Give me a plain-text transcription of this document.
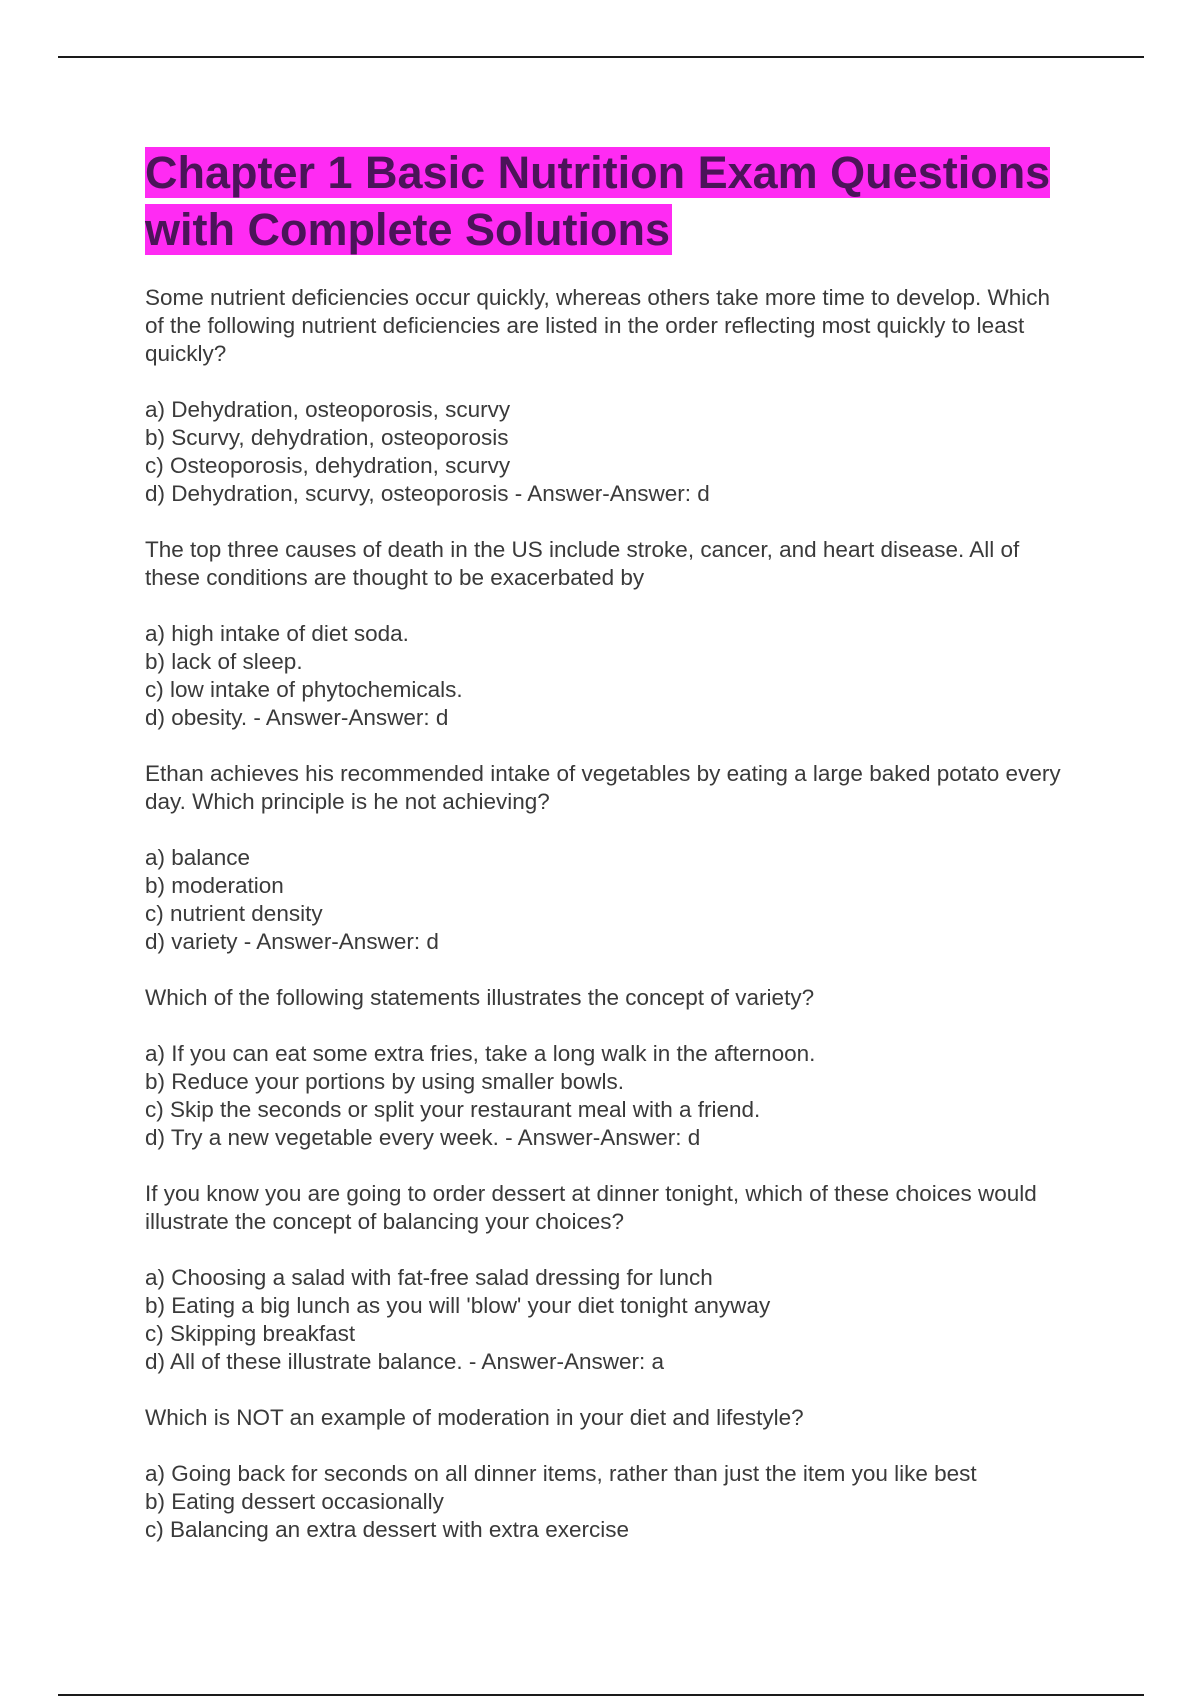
Chapter 1 Basic Nutrition Exam Questions with Complete Solutions

Some nutrient deficiencies occur quickly, whereas others take more time to develop. Which of the following nutrient deficiencies are listed in the order reflecting most quickly to least quickly?

a) Dehydration, osteoporosis, scurvy
b) Scurvy, dehydration, osteoporosis
c) Osteoporosis, dehydration, scurvy
d) Dehydration, scurvy, osteoporosis - Answer-Answer: d

The top three causes of death in the US include stroke, cancer, and heart disease. All of these conditions are thought to be exacerbated by

a) high intake of diet soda.
b) lack of sleep.
c) low intake of phytochemicals.
d) obesity. - Answer-Answer: d

Ethan achieves his recommended intake of vegetables by eating a large baked potato every day. Which principle is he not achieving?

a) balance
b) moderation
c) nutrient density
d) variety - Answer-Answer: d

Which of the following statements illustrates the concept of variety?

a) If you can eat some extra fries, take a long walk in the afternoon.
b) Reduce your portions by using smaller bowls.
c) Skip the seconds or split your restaurant meal with a friend.
d) Try a new vegetable every week. - Answer-Answer: d

If you know you are going to order dessert at dinner tonight, which of these choices would illustrate the concept of balancing your choices?

a) Choosing a salad with fat-free salad dressing for lunch
b) Eating a big lunch as you will 'blow' your diet tonight anyway
c) Skipping breakfast
d) All of these illustrate balance. - Answer-Answer: a

Which is NOT an example of moderation in your diet and lifestyle?

a) Going back for seconds on all dinner items, rather than just the item you like best
b) Eating dessert occasionally
c) Balancing an extra dessert with extra exercise
